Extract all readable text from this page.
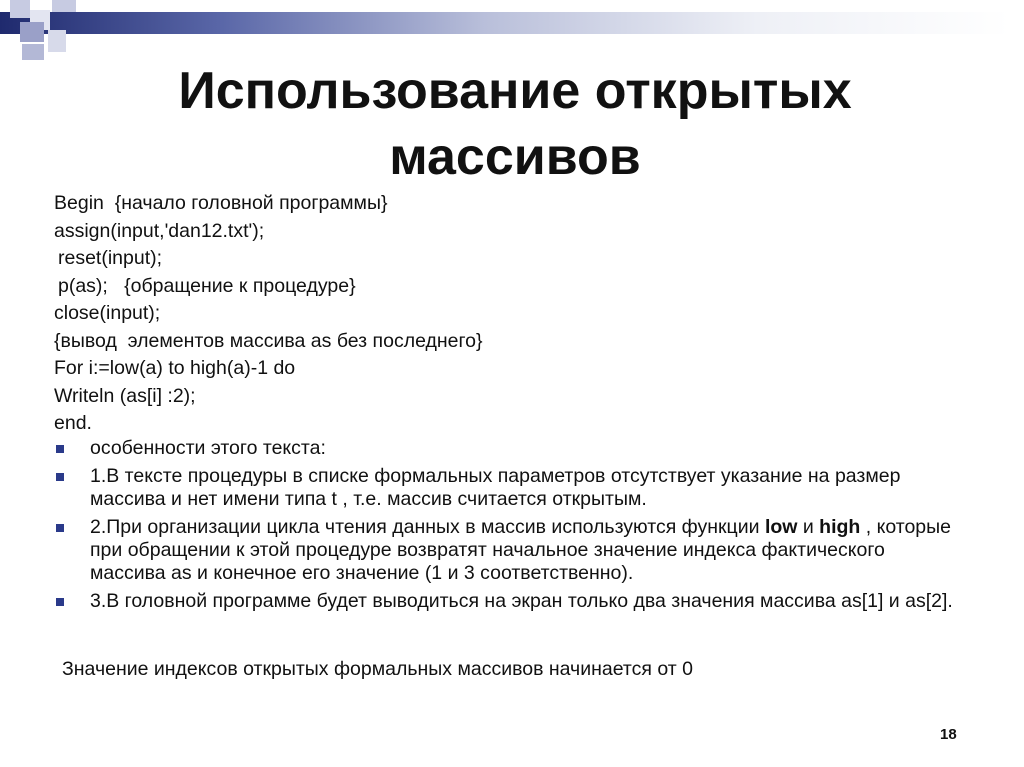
Использование открытых
массивов
Begin  {начало головной программы}
assign(input,'dan12.txt');
reset(input);
p(as);   {обращение к процедуре}
close(input);
{вывод  элементов массива as без последнего}
For i:=low(a) to high(a)-1 do
Writeln (as[i] :2);
end.
особенности этого текста:
1.В тексте процедуры в списке формальных параметров отсутствует указание на размер массива и нет имени типа t , т.е. массив считается открытым.
2.При организации цикла чтения данных в массив используются функции low и high , которые при обращении к этой процедуре возвратят начальное значение индекса фактического массива as и конечное его значение (1 и 3 соответственно).
3.В головной программе будет выводиться на экран только два значения массива as[1] и as[2].
Значение индексов открытых формальных массивов начинается от 0
18
